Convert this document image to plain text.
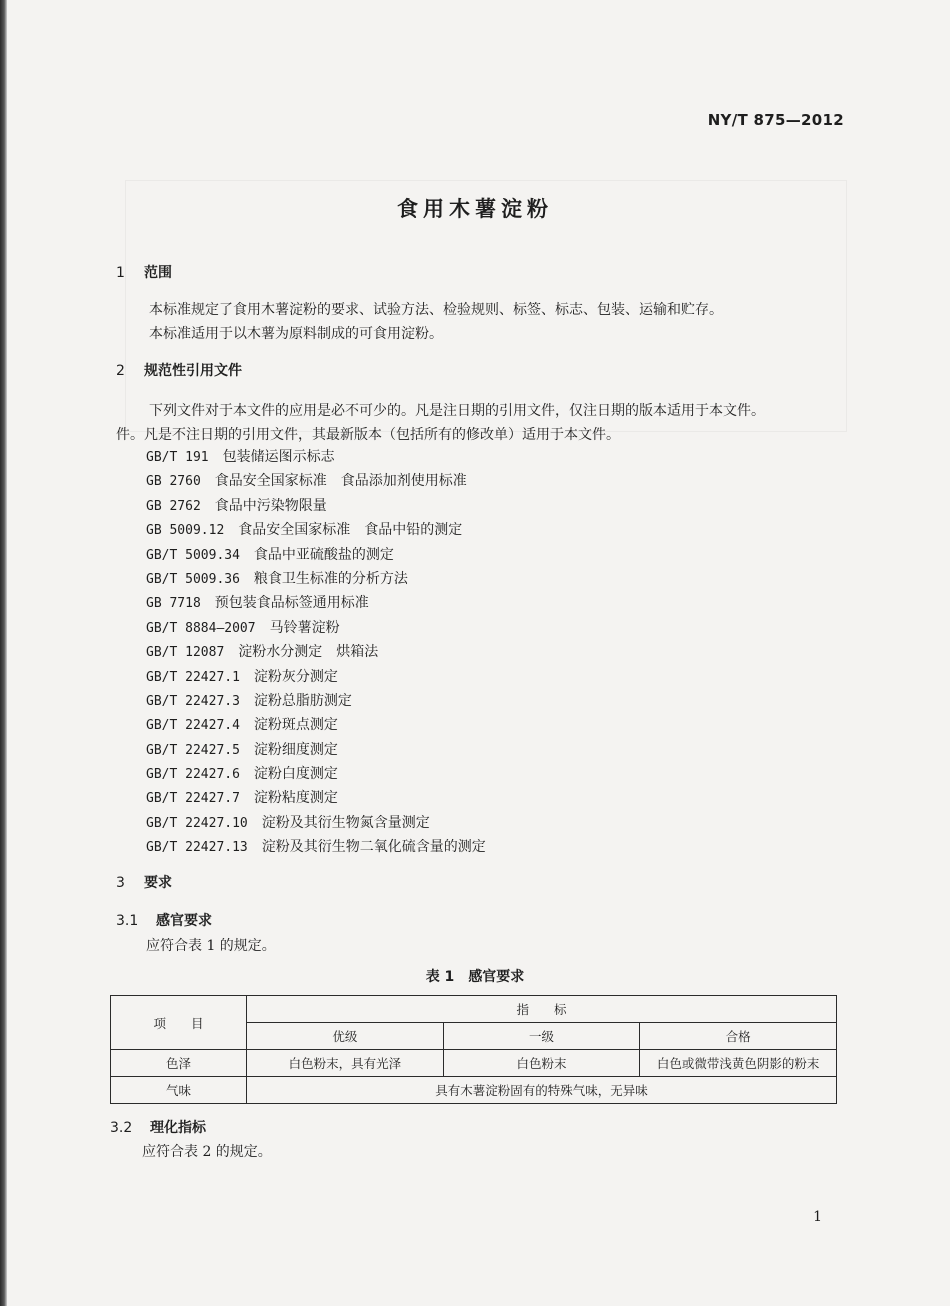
NY/T 875—2012
食用木薯淀粉
1 范围
本标准规定了食用木薯淀粉的要求、试验方法、检验规则、标签、标志、包装、运输和贮存。
本标准适用于以木薯为原料制成的可食用淀粉。
2 规范性引用文件
下列文件对于本文件的应用是必不可少的。凡是注日期的引用文件，仅注日期的版本适用于本文件。
件。凡是不注日期的引用文件，其最新版本（包括所有的修改单）适用于本文件。
GB/T 191 包装储运图示标志
GB 2760 食品安全国家标准　食品添加剂使用标准
GB 2762 食品中污染物限量
GB 5009.12 食品安全国家标准　食品中铅的测定
GB/T 5009.34 食品中亚硫酸盐的测定
GB/T 5009.36 粮食卫生标准的分析方法
GB 7718 预包装食品标签通用标准
GB/T 8884—2007 马铃薯淀粉
GB/T 12087 淀粉水分测定　烘箱法
GB/T 22427.1 淀粉灰分测定
GB/T 22427.3 淀粉总脂肪测定
GB/T 22427.4 淀粉斑点测定
GB/T 22427.5 淀粉细度测定
GB/T 22427.6 淀粉白度测定
GB/T 22427.7 淀粉粘度测定
GB/T 22427.10 淀粉及其衍生物氮含量测定
GB/T 22427.13 淀粉及其衍生物二氧化硫含量的测定
3 要求
3.1 感官要求
应符合表 1 的规定。
表 1 感官要求
项　　目	指　　标		
	优级	一级	合格
色泽	白色粉末，具有光泽	白色粉末	白色或微带浅黄色阴影的粉末
气味	具有木薯淀粉固有的特殊气味，无异味		
3.2 理化指标
应符合表 2 的规定。
1
